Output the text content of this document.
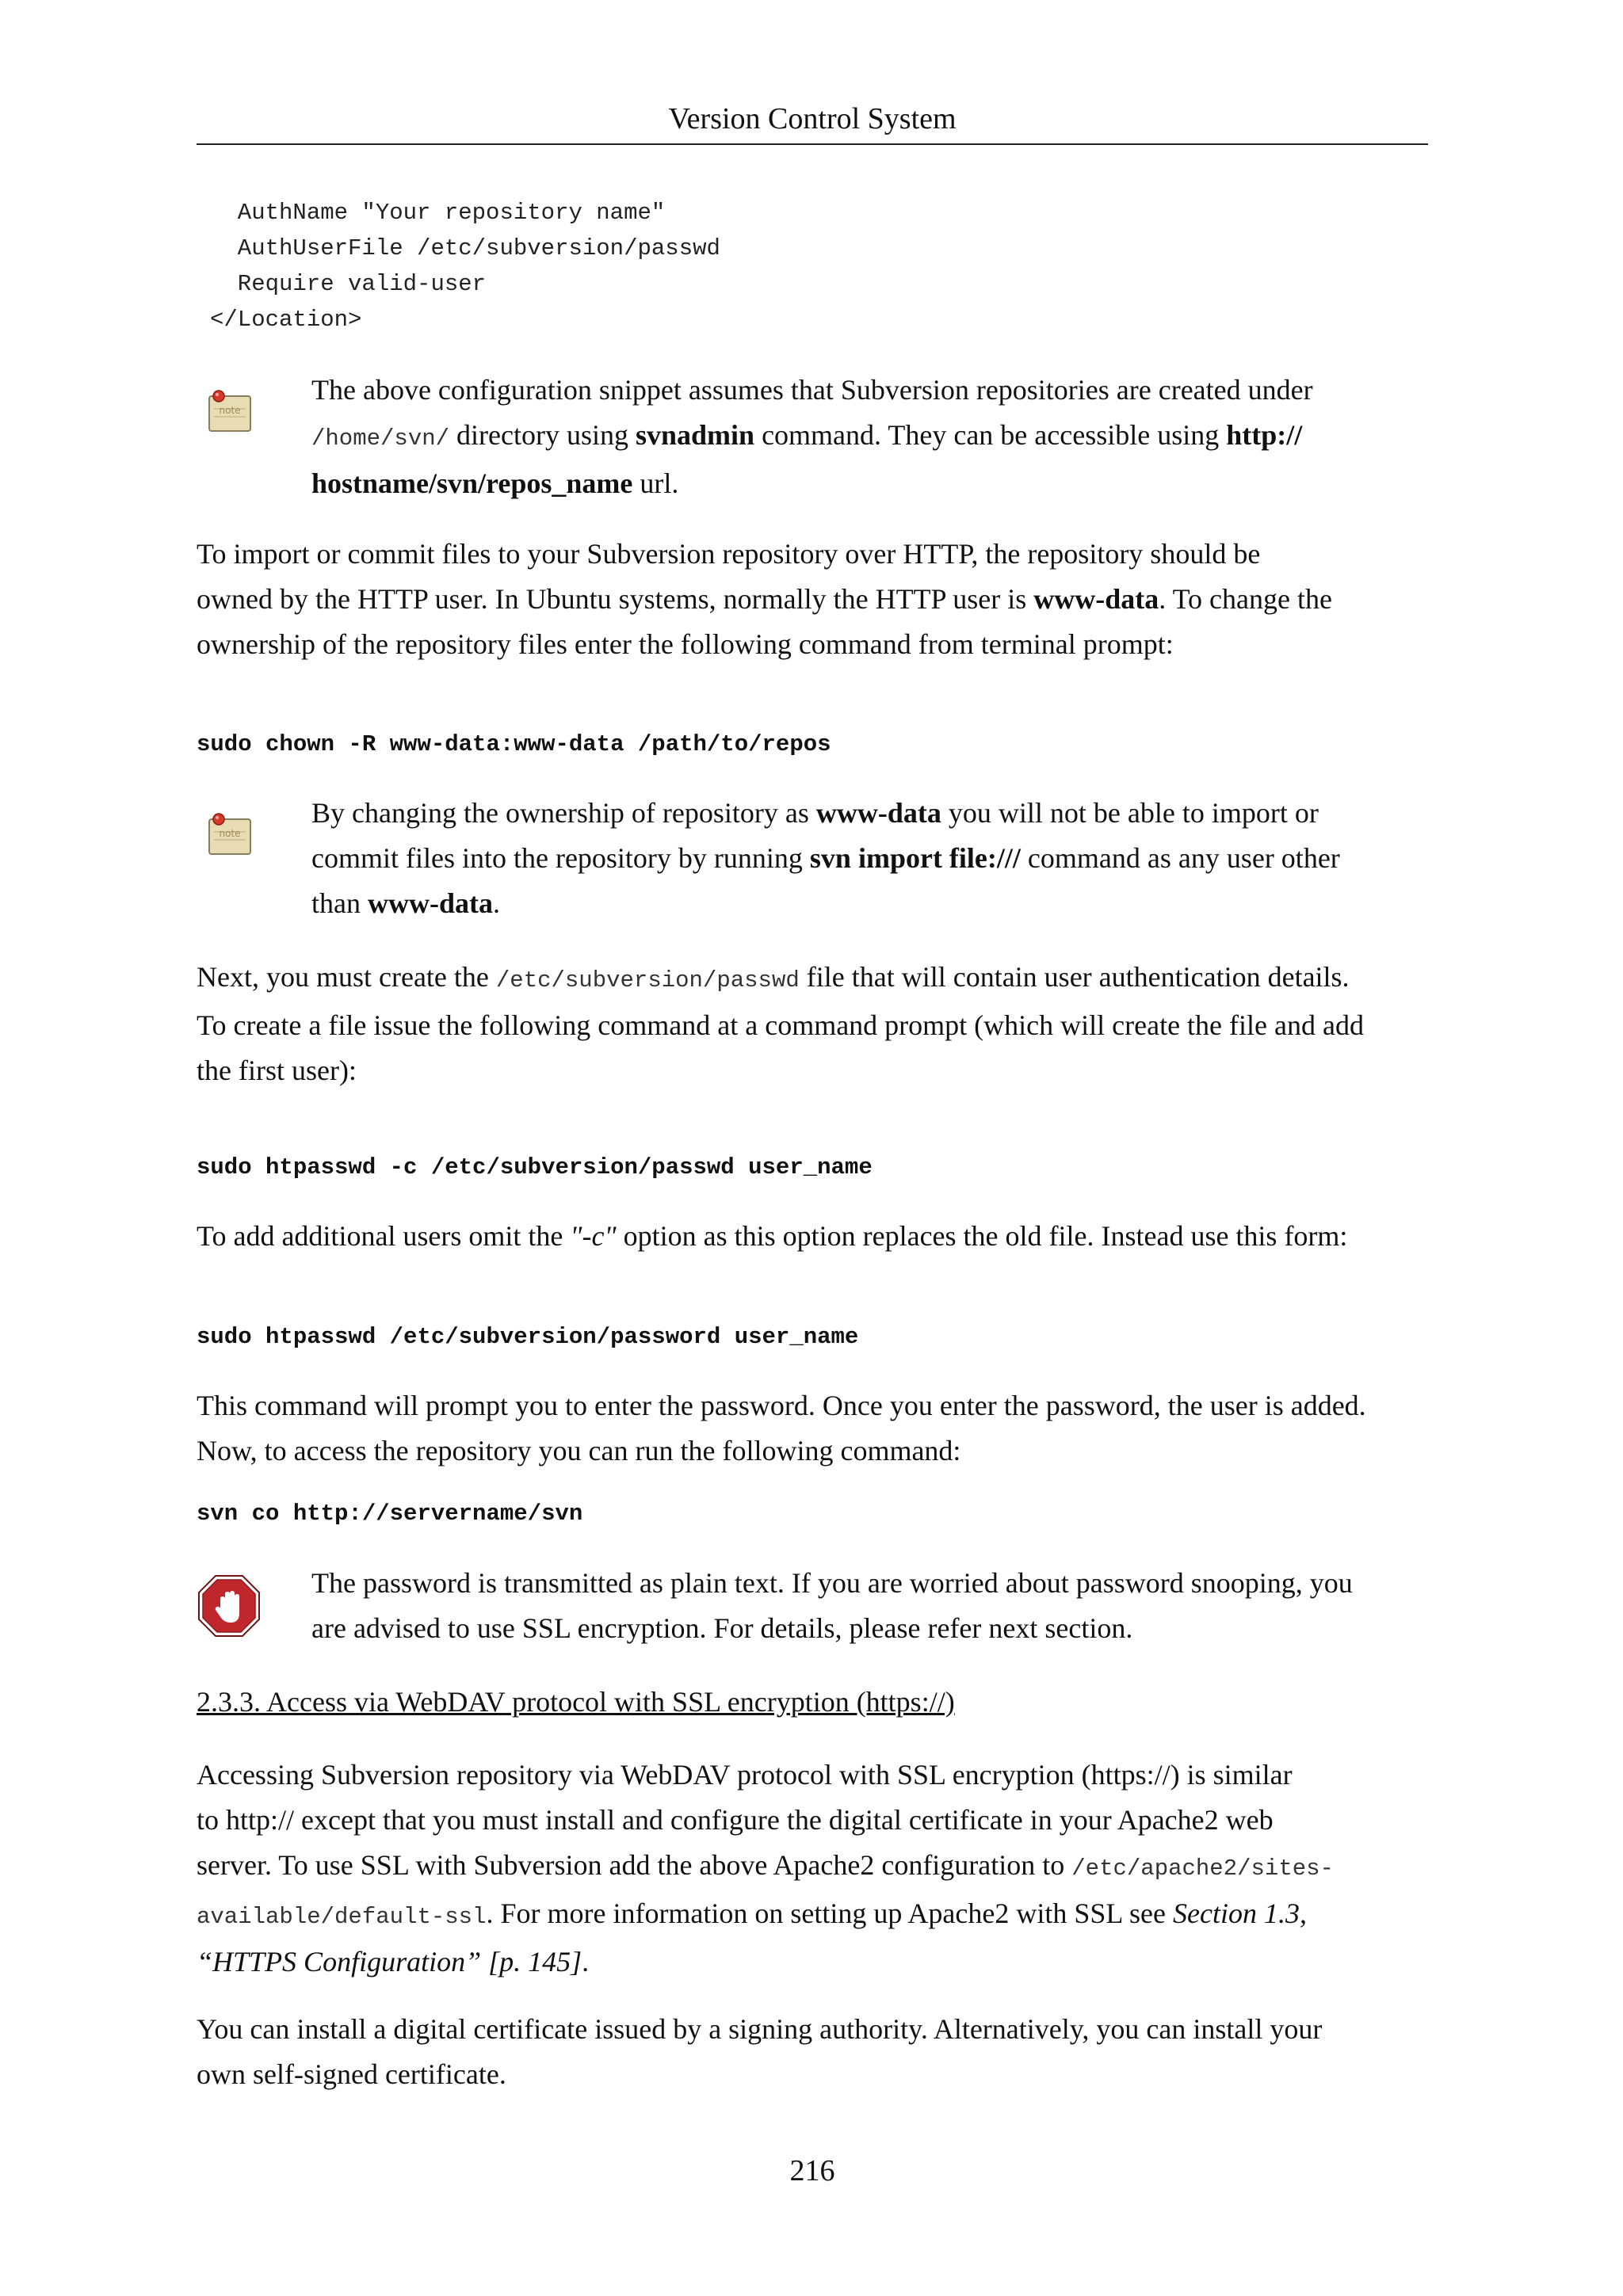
Version Control System
AuthName "Your repository name"
AuthUserFile /etc/subversion/passwd
Require valid-user
</Location>
note
The above configuration snippet assumes that Subversion repositories are created under
/home/svn/ directory using svnadmin command. They can be accessible using http://
hostname/svn/repos_name url.
To import or commit files to your Subversion repository over HTTP, the repository should be
owned by the HTTP user. In Ubuntu systems, normally the HTTP user is www-data. To change the
ownership of the repository files enter the following command from terminal prompt:
sudo chown -R www-data:www-data /path/to/repos
note
By changing the ownership of repository as www-data you will not be able to import or
commit files into the repository by running svn import file:/// command as any user other
than www-data.
Next, you must create the /etc/subversion/passwd file that will contain user authentication details.
To create a file issue the following command at a command prompt (which will create the file and add
the first user):
sudo htpasswd -c /etc/subversion/passwd user_name
To add additional users omit the "-c" option as this option replaces the old file. Instead use this form:
sudo htpasswd /etc/subversion/password user_name
This command will prompt you to enter the password. Once you enter the password, the user is added.
Now, to access the repository you can run the following command:
svn co http://servername/svn
The password is transmitted as plain text. If you are worried about password snooping, you
are advised to use SSL encryption. For details, please refer next section.
2.3.3. Access via WebDAV protocol with SSL encryption (https://)
Accessing Subversion repository via WebDAV protocol with SSL encryption (https://) is similar
to http:// except that you must install and configure the digital certificate in your Apache2 web
server. To use SSL with Subversion add the above Apache2 configuration to /etc/apache2/sites-
available/default-ssl. For more information on setting up Apache2 with SSL see Section 1.3,
“HTTPS Configuration” [p. 145].
You can install a digital certificate issued by a signing authority. Alternatively, you can install your
own self-signed certificate.
216
